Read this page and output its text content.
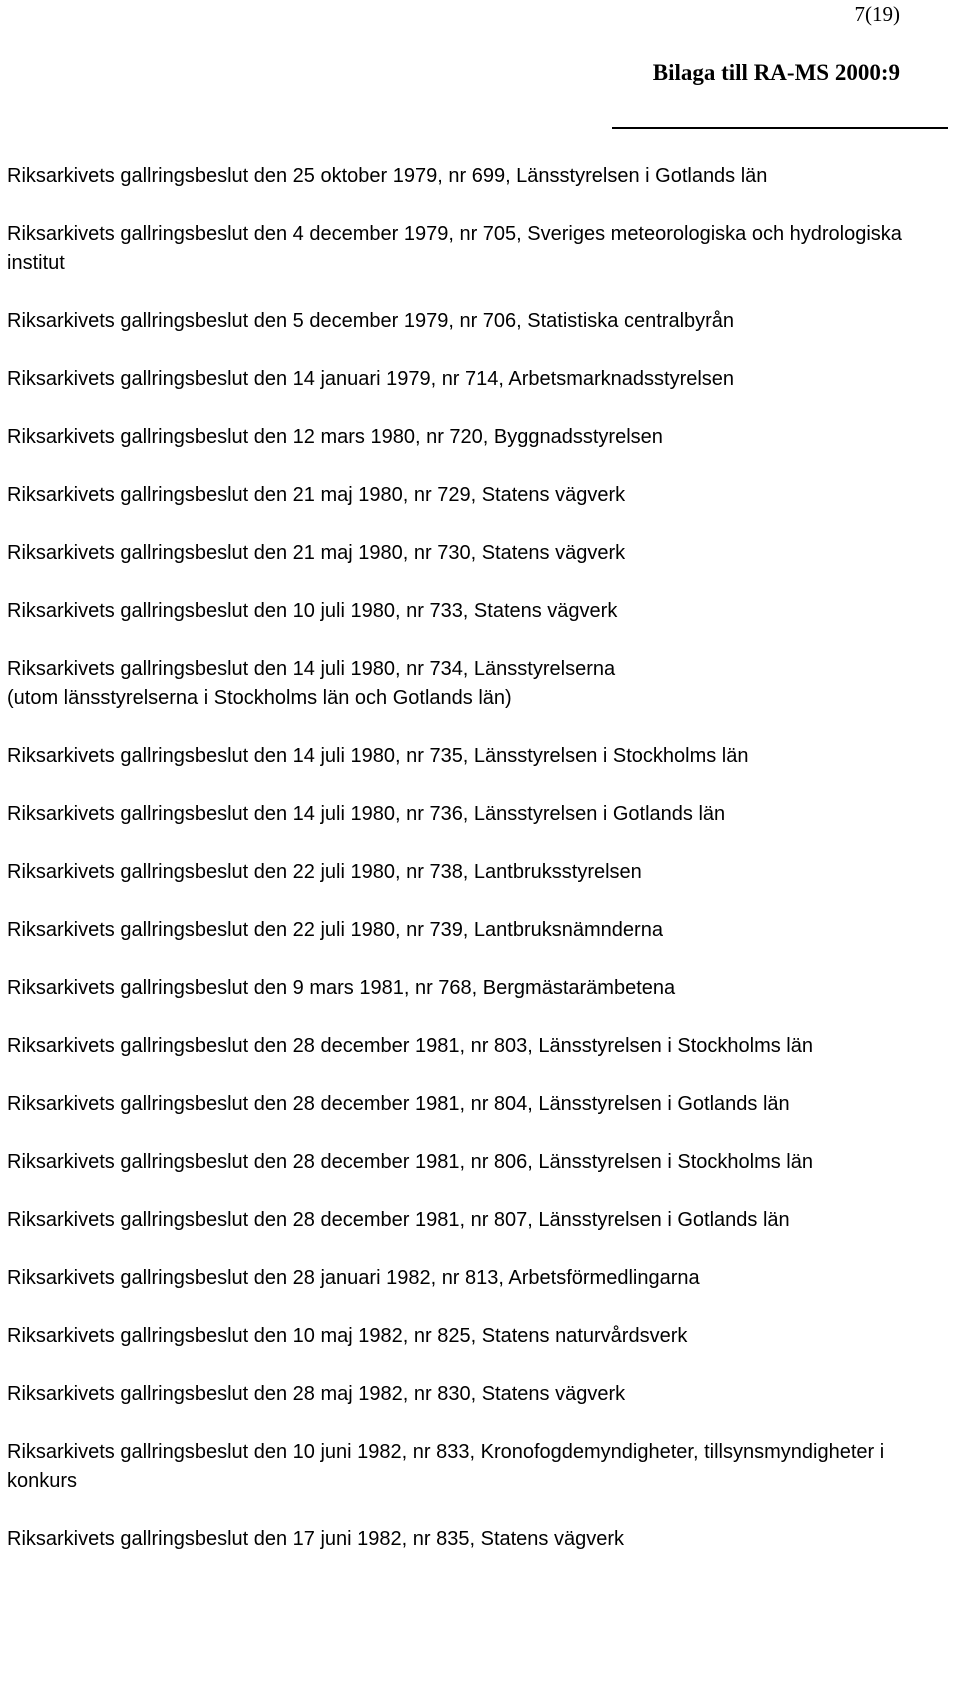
7(19)
Bilaga till RA-MS 2000:9
Riksarkivets gallringsbeslut den 25 oktober 1979, nr 699, Länsstyrelsen i Gotlands län
Riksarkivets gallringsbeslut den 4 december 1979, nr 705, Sveriges meteorologiska och hydrologiska institut
Riksarkivets gallringsbeslut den 5 december 1979, nr 706, Statistiska centralbyrån
Riksarkivets gallringsbeslut den 14 januari 1979, nr 714, Arbetsmarknadsstyrelsen
Riksarkivets gallringsbeslut den 12 mars 1980, nr 720, Byggnadsstyrelsen
Riksarkivets gallringsbeslut den 21 maj 1980, nr 729, Statens vägverk
Riksarkivets gallringsbeslut den 21 maj 1980, nr 730, Statens vägverk
Riksarkivets gallringsbeslut den 10 juli 1980, nr 733, Statens vägverk
Riksarkivets gallringsbeslut den 14 juli 1980, nr 734, Länsstyrelserna
(utom länsstyrelserna i Stockholms län och Gotlands län)
Riksarkivets gallringsbeslut den 14 juli 1980, nr 735, Länsstyrelsen i Stockholms län
Riksarkivets gallringsbeslut den 14 juli 1980, nr 736, Länsstyrelsen i Gotlands län
Riksarkivets gallringsbeslut den 22 juli 1980, nr 738, Lantbruksstyrelsen
Riksarkivets gallringsbeslut den 22 juli 1980, nr 739, Lantbruksnämnderna
Riksarkivets gallringsbeslut den 9 mars 1981, nr 768, Bergmästarämbetena
Riksarkivets gallringsbeslut den 28 december 1981, nr 803, Länsstyrelsen i Stockholms län
Riksarkivets gallringsbeslut den 28 december 1981, nr 804, Länsstyrelsen i Gotlands län
Riksarkivets gallringsbeslut den 28 december 1981, nr 806, Länsstyrelsen i Stockholms län
Riksarkivets gallringsbeslut den 28 december 1981, nr 807, Länsstyrelsen i Gotlands län
Riksarkivets gallringsbeslut den 28 januari 1982, nr 813, Arbetsförmedlingarna
Riksarkivets gallringsbeslut den 10 maj 1982, nr 825, Statens naturvårdsverk
Riksarkivets gallringsbeslut den 28 maj 1982, nr 830, Statens vägverk
Riksarkivets gallringsbeslut den 10 juni 1982, nr 833, Kronofogdemyndigheter, tillsynsmyndigheter i konkurs
Riksarkivets gallringsbeslut den 17 juni 1982, nr 835, Statens vägverk
